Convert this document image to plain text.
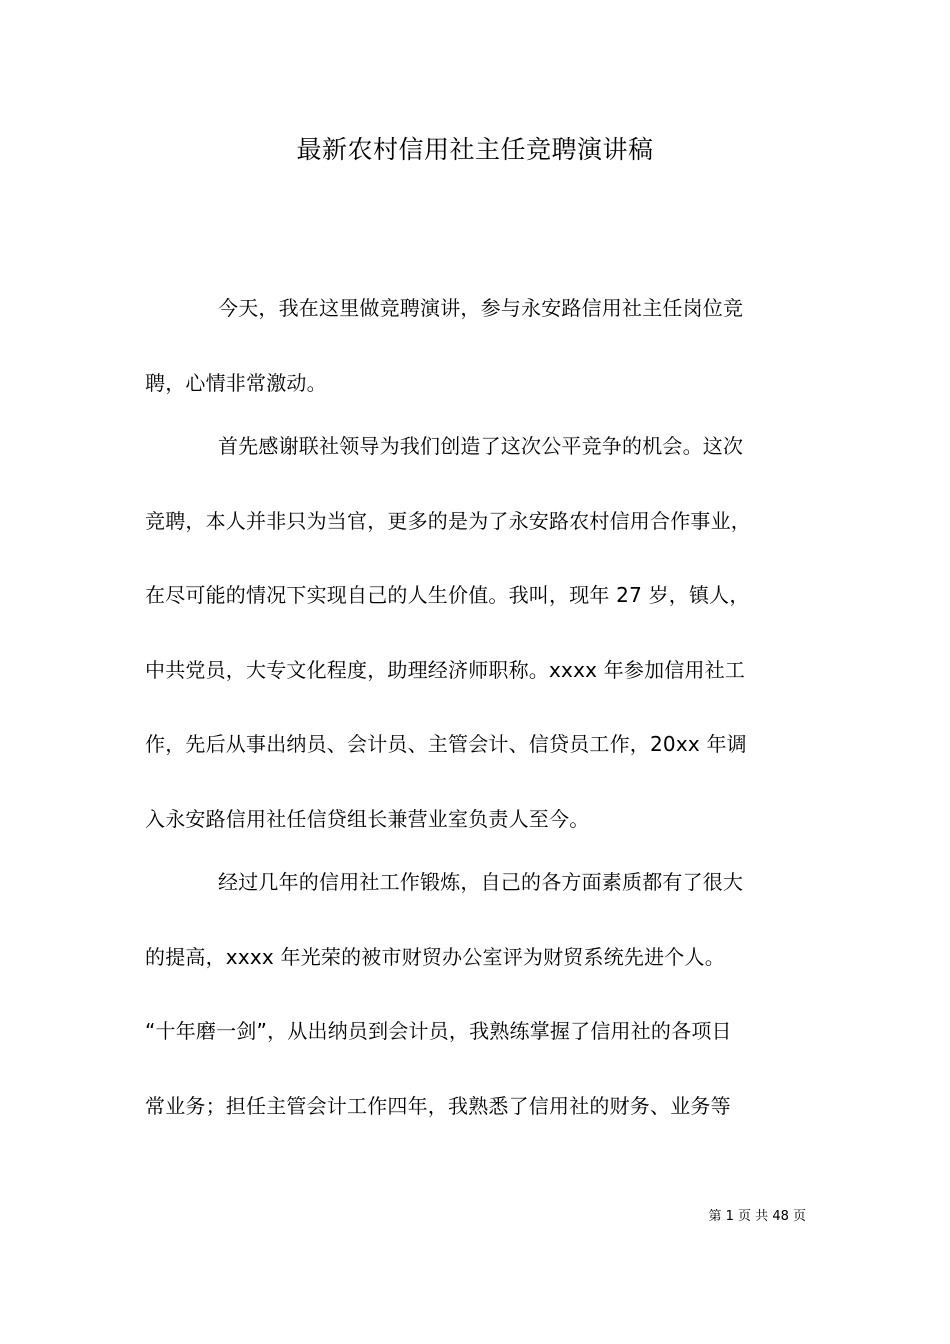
最新农村信用社主任竞聘演讲稿

今天，我在这里做竞聘演讲，参与永安路信用社主任岗位竞

聘，心情非常激动。

首先感谢联社领导为我们创造了这次公平竞争的机会。这次

竞聘，本人并非只为当官，更多的是为了永安路农村信用合作事业，

在尽可能的情况下实现自己的人生价值。我叫，现年 27 岁，镇人，

中共党员，大专文化程度，助理经济师职称。xxxx 年参加信用社工

作，先后从事出纳员、会计员、主管会计、信贷员工作，20xx 年调

入永安路信用社任信贷组长兼营业室负责人至今。

经过几年的信用社工作锻炼，自己的各方面素质都有了很大

的提高，xxxx 年光荣的被市财贸办公室评为财贸系统先进个人。

“十年磨一剑”，从出纳员到会计员，我熟练掌握了信用社的各项日

常业务；担任主管会计工作四年，我熟悉了信用社的财务、业务等

第 1 页 共 48 页
